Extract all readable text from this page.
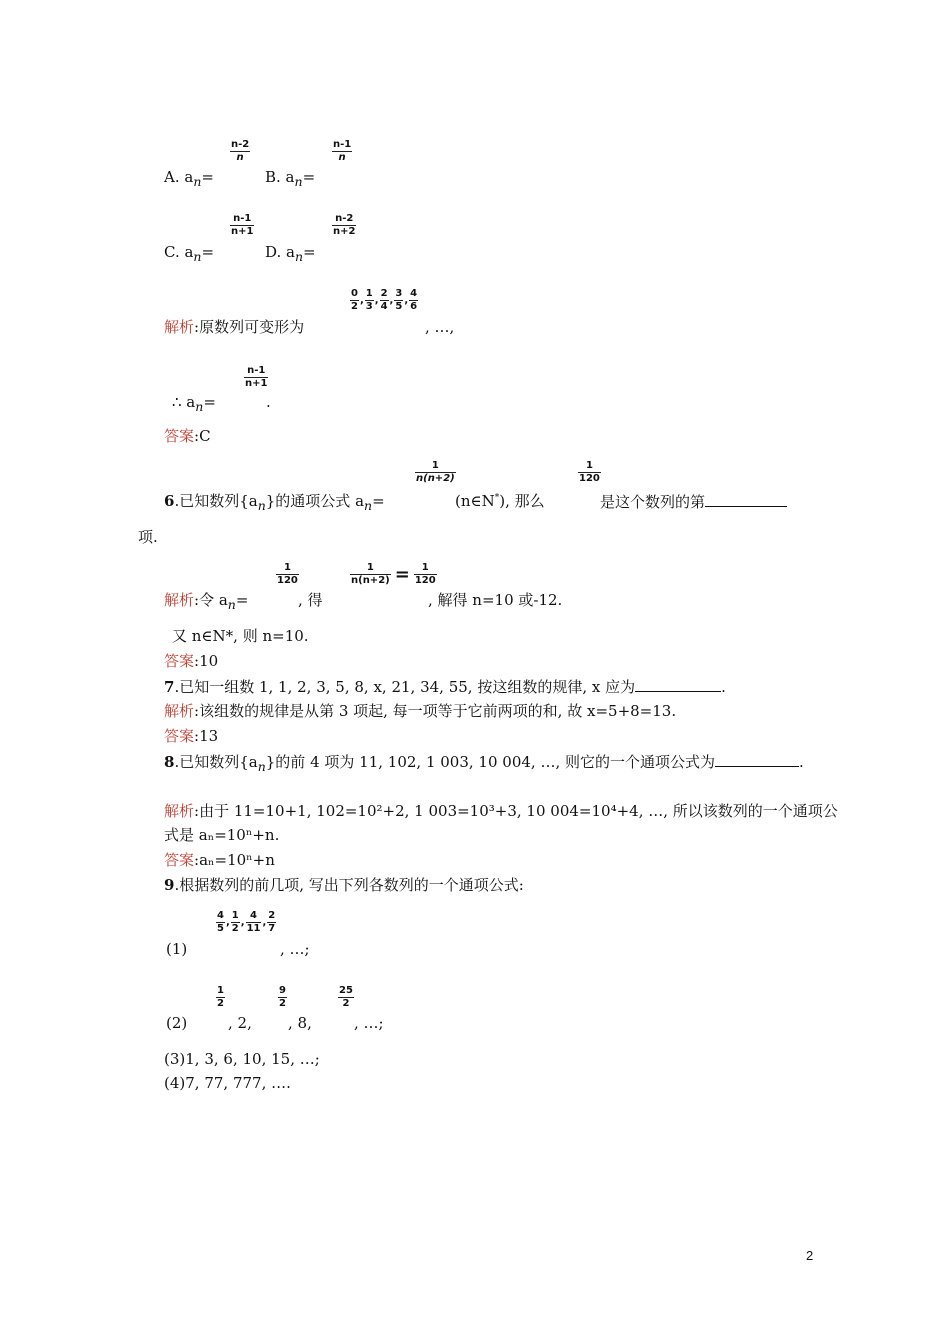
$\frac{n-2}{n}$
A. $a_n=$
$\frac{n-1}{n}$
B. $a_n=$
$\frac{n-1}{n+1}$
C. $a_n=$
$\frac{n-2}{n+2}$
D. $a_n=$
0
2
,
1
3
,
2
4
,
3
5
,
4
6
解析:原数列可变形为	, …,
$\frac{n-1}{n+1}$
∴ $a_n=$	.
答案:C
$\frac{1}{n(n+2)}$	$\frac{1}{120}$
6.已知数列$\{a_n\}$的通项公式 $a_n=$	(n∈N*), 那么	是这个数列的第
项.
$\frac{1}{120}$	$\frac{1}{n(n+2)} = \frac{1}{120}$
解析:令 $a_n=$	, 得	, 解得 n=10 或-12.
又 n∈N*, 则 n=10.
答案:10
7.已知一组数 1, 1, 2, 3, 5, 8, x, 21, 34, 55, 按这组数的规律, x 应为	.
解析:该组数的规律是从第 3 项起, 每一项等于它前两项的和, 故 x=5+8=13.
答案:13
8.已知数列$\{a_n\}$的前 4 项为 11, 102, 1 003, 10 004, …, 则它的一个通项公式为	.
解析:由于 11=10+1, 102=10²+2, 1 003=10³+3, 10 004=10⁴+4, …, 所以该数列的一个通项公
式是 aₙ=10ⁿ+n.
答案:aₙ=10ⁿ+n
9.根据数列的前几项, 写出下列各数列的一个通项公式:
4
5
,
1
2
,
4
11
,
2
7
(1)	, …;
$\frac{1}{2}$	$\frac{9}{2}$	$\frac{25}{2}$
(2)	, 2, , 8,	, …;
(3)1, 3, 6, 10, 15, …;
(4)7, 77, 777, ….
2
